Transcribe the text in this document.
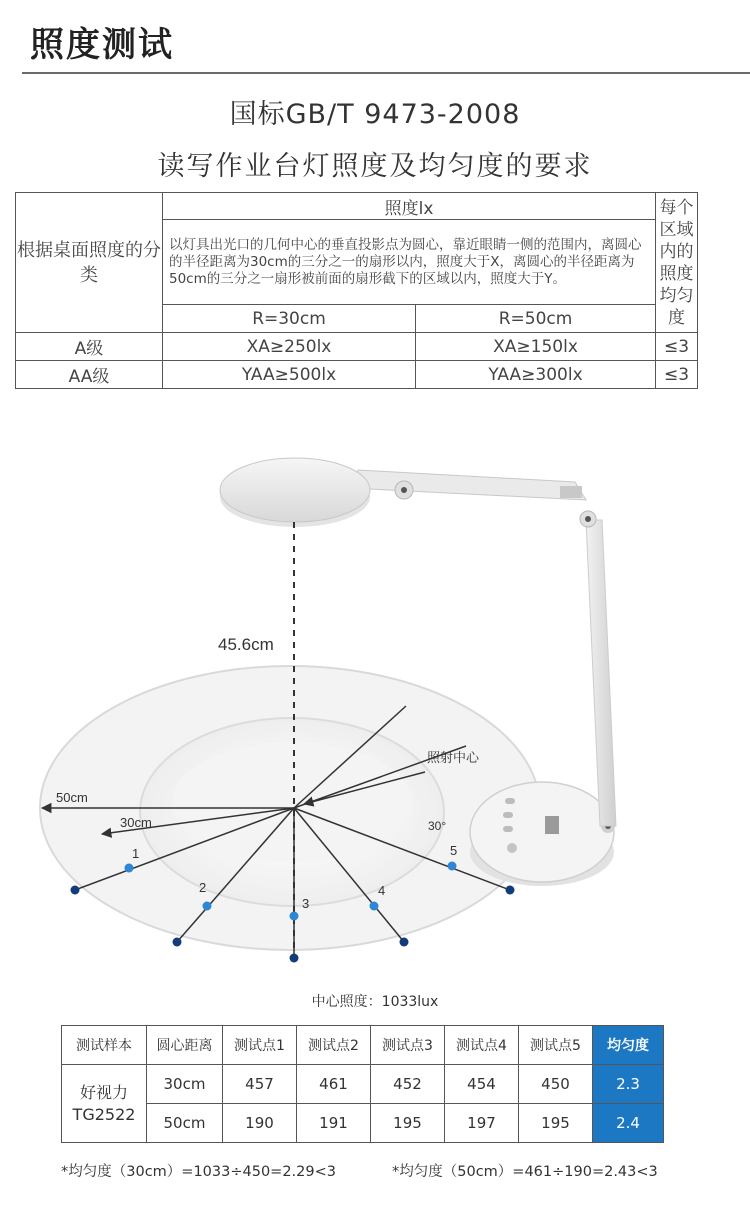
照度测试
国标GB/T 9473-2008
读写作业台灯照度及均匀度的要求
根据桌面照度的分类	照度lx		每个区域内的照度均匀度
	以灯具出光口的几何中心的垂直投影点为圆心，靠近眼睛一侧的范围内，离圆心的半径距离为30cm的三分之一的扇形以内，照度大于X，离圆心的半径距离为50cm的三分之一扇形被前面的扇形截下的区域以内，照度大于Y。		
	R=30cm	R=50cm	
A级	XA≥250lx	XA≥150lx	≤3
AA级	YAA≥500lx	YAA≥300lx	≤3
45.6cm
50cm
30cm
照射中心
30°
1
2
3
4
5
中心照度：1033lux
测试样本	圆心距离	测试点1	测试点2	测试点3	测试点4	测试点5	均匀度

好视力
TG2522	30cm	457	461	452	454	450	2.3
	50cm	190	191	195	197	195	2.4
*均匀度（30cm）=1033÷450=2.29<3	*均匀度（50cm）=461÷190=2.43<3
